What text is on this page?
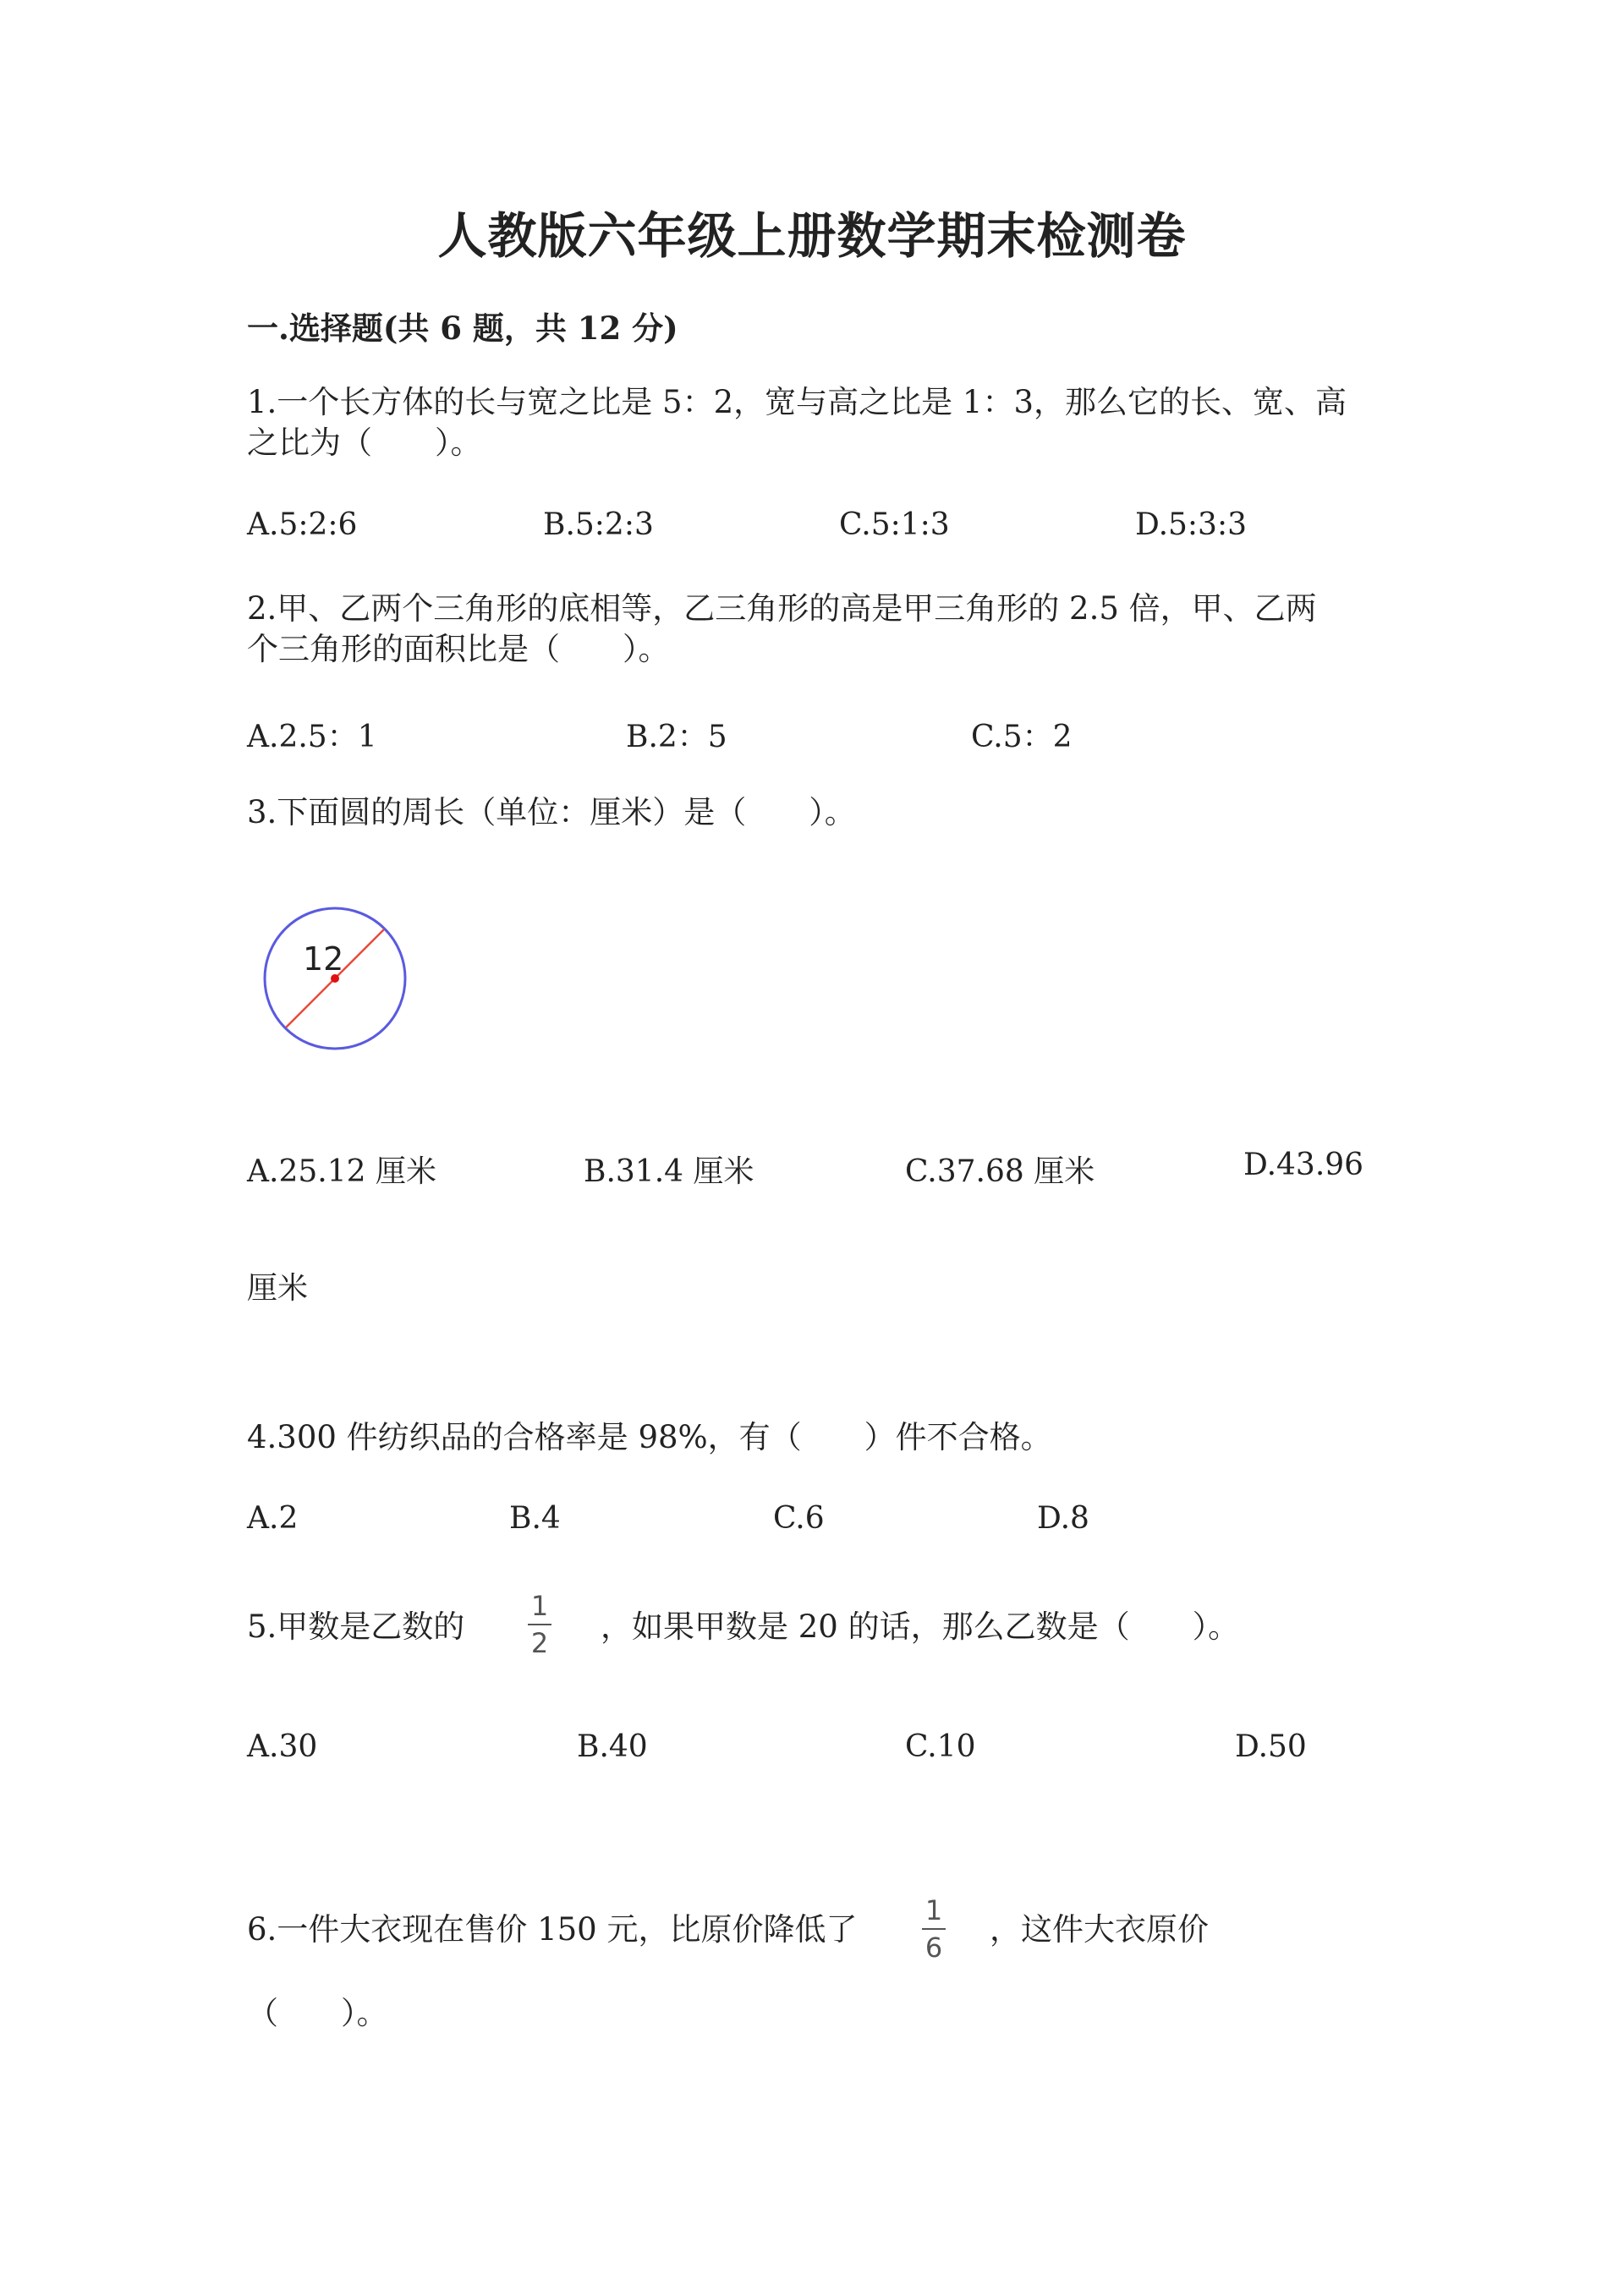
人教版六年级上册数学期末检测卷
一.选择题(共 6 题，共 12 分)
1.一个长方体的长与宽之比是 5：2，宽与高之比是 1：3，那么它的长、宽、高
之比为（　　）。
A.5:2:6	B.5:2:3	C.5:1:3	D.5:3:3
2.甲、乙两个三角形的底相等，乙三角形的高是甲三角形的 2.5 倍，甲、乙两
个三角形的面积比是（　　）。
A.2.5：1	B.2：5	C.5：2
3.下面圆的周长（单位：厘米）是（　　）。
12
A.25.12 厘米	B.31.4 厘米	C.37.68 厘米	D.43.96
厘米
4.300 件纺织品的合格率是 98%，有（　　）件不合格。
A.2	B.4	C.6	D.8
5.甲数是乙数的
1
2 ，如果甲数是 20 的话，那么乙数是（　　）。
A.30	B.40	C.10	D.50
6.一件大衣现在售价 150 元，比原价降低了
1
6 ，这件大衣原价
（　　）。
